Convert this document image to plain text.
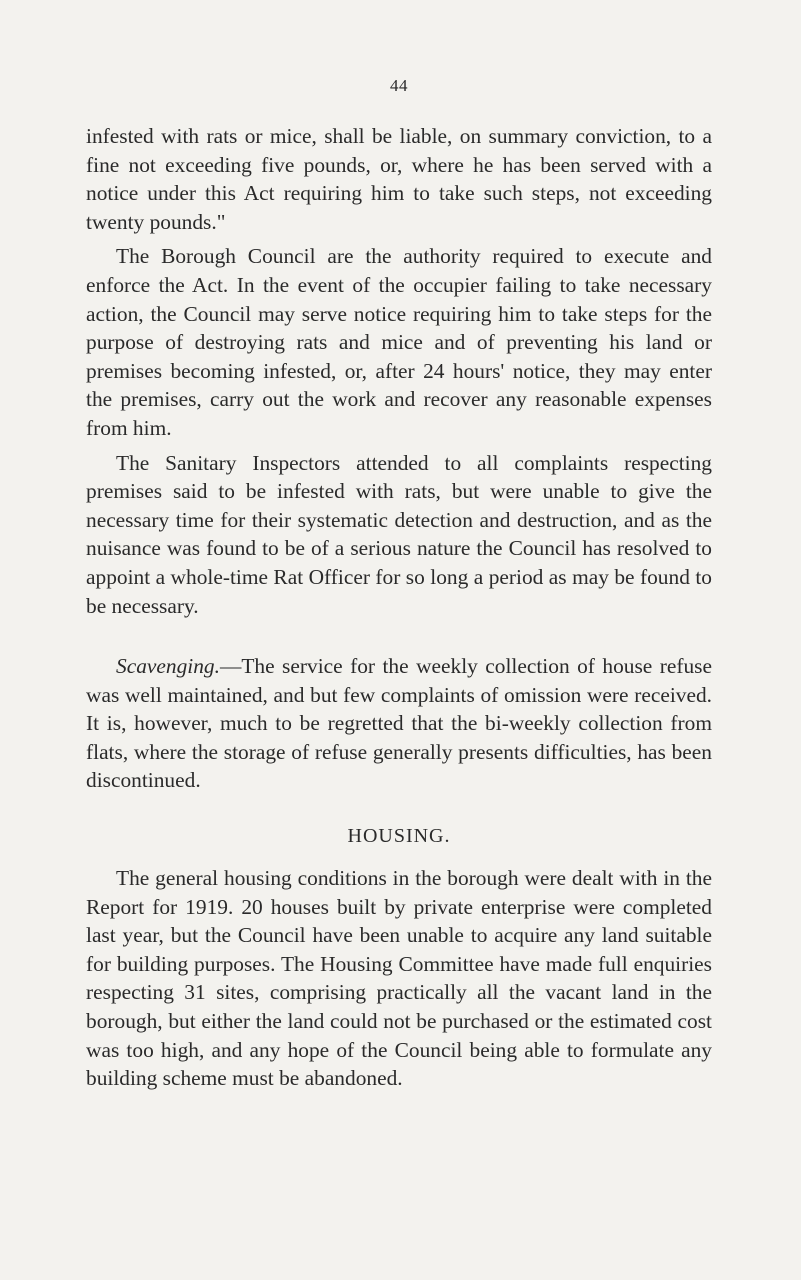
44

infested with rats or mice, shall be liable, on summary conviction, to a fine not exceeding five pounds, or, where he has been served with a notice under this Act requiring him to take such steps, not exceeding twenty pounds."

The Borough Council are the authority required to execute and enforce the Act. In the event of the occupier failing to take necessary action, the Council may serve notice requiring him to take steps for the purpose of destroying rats and mice and of preventing his land or premises becoming infested, or, after 24 hours' notice, they may enter the premises, carry out the work and recover any reasonable expenses from him.

The Sanitary Inspectors attended to all complaints respecting premises said to be infested with rats, but were unable to give the necessary time for their systematic detection and destruction, and as the nuisance was found to be of a serious nature the Council has resolved to appoint a whole-time Rat Officer for so long a period as may be found to be necessary.

Scavenging.—The service for the weekly collection of house refuse was well maintained, and but few complaints of omission were received. It is, however, much to be regretted that the bi-weekly collection from flats, where the storage of refuse generally presents difficulties, has been discontinued.

HOUSING.

The general housing conditions in the borough were dealt with in the Report for 1919. 20 houses built by private enterprise were completed last year, but the Council have been unable to acquire any land suitable for building purposes. The Housing Committee have made full enquiries respecting 31 sites, comprising practically all the vacant land in the borough, but either the land could not be purchased or the estimated cost was too high, and any hope of the Council being able to formulate any building scheme must be abandoned.
